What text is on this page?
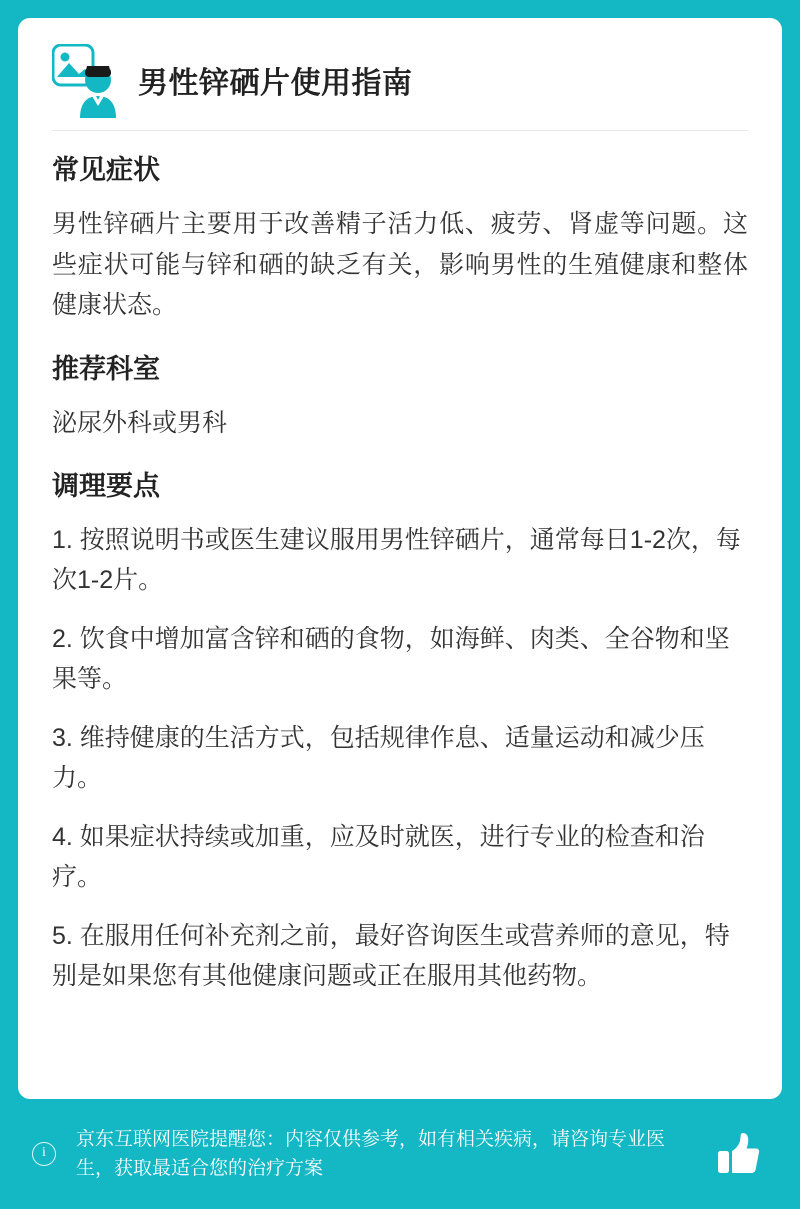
男性锌硒片使用指南
常见症状

男性锌硒片主要用于改善精子活力低、疲劳、肾虚等问题。这些症状可能与锌和硒的缺乏有关，影响男性的生殖健康和整体健康状态。

推荐科室

泌尿外科或男科

调理要点
1. 按照说明书或医生建议服用男性锌硒片，通常每日1-2次，每次1-2片。
2. 饮食中增加富含锌和硒的食物，如海鲜、肉类、全谷物和坚果等。
3. 维持健康的生活方式，包括规律作息、适量运动和减少压力。
4. 如果症状持续或加重，应及时就医，进行专业的检查和治疗。
5. 在服用任何补充剂之前，最好咨询医生或营养师的意见，特别是如果您有其他健康问题或正在服用其他药物。
i
京东互联网医院提醒您：内容仅供参考，如有相关疾病，请咨询专业医生，获取最适合您的治疗方案
